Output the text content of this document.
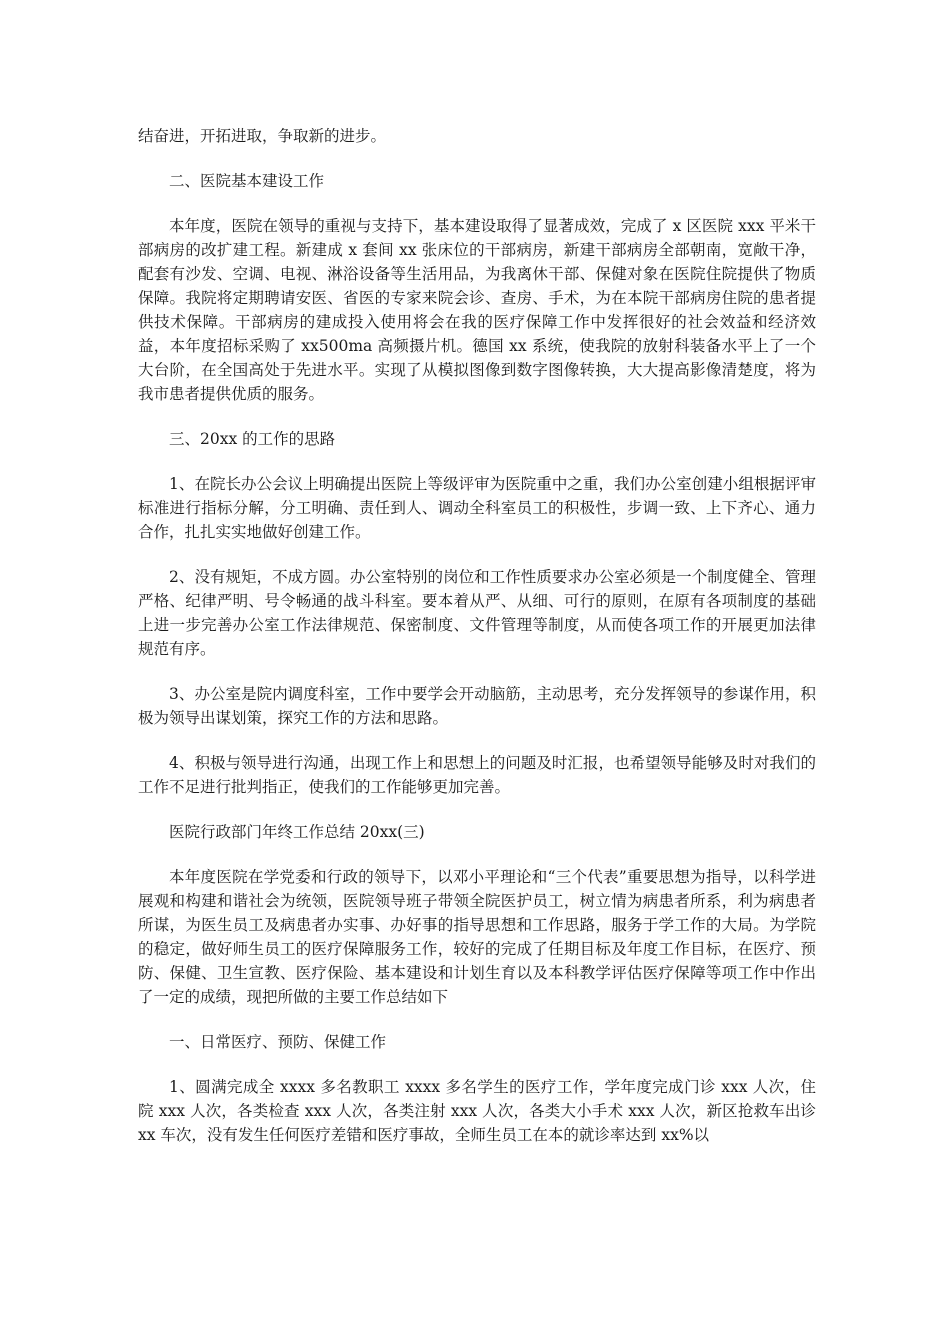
结奋进，开拓进取，争取新的进步。

二、医院基本建设工作

本年度，医院在领导的重视与支持下，基本建设取得了显著成效，完成了 x 区医院 xxx 平米干部病房的改扩建工程。新建成 x 套间 xx 张床位的干部病房，新建干部病房全部朝南，宽敞干净，配套有沙发、空调、电视、淋浴设备等生活用品，为我离休干部、保健对象在医院住院提供了物质保障。我院将定期聘请安医、省医的专家来院会诊、查房、手术，为在本院干部病房住院的患者提供技术保障。干部病房的建成投入使用将会在我的医疗保障工作中发挥很好的社会效益和经济效益，本年度招标采购了 xx500ma 高频摄片机。德国 xx 系统，使我院的放射科装备水平上了一个大台阶，在全国高处于先进水平。实现了从模拟图像到数字图像转换，大大提高影像清楚度，将为我市患者提供优质的服务。

三、20xx 的工作的思路

1、在院长办公会议上明确提出医院上等级评审为医院重中之重，我们办公室创建小组根据评审标准进行指标分解，分工明确、责任到人、调动全科室员工的积极性，步调一致、上下齐心、通力合作，扎扎实实地做好创建工作。

2、没有规矩，不成方圆。办公室特别的岗位和工作性质要求办公室必须是一个制度健全、管理严格、纪律严明、号令畅通的战斗科室。要本着从严、从细、可行的原则，在原有各项制度的基础上进一步完善办公室工作法律规范、保密制度、文件管理等制度，从而使各项工作的开展更加法律规范有序。

3、办公室是院内调度科室，工作中要学会开动脑筋，主动思考，充分发挥领导的参谋作用，积极为领导出谋划策，探究工作的方法和思路。

4、积极与领导进行沟通，出现工作上和思想上的问题及时汇报，也希望领导能够及时对我们的工作不足进行批判指正，使我们的工作能够更加完善。

医院行政部门年终工作总结 20xx(三)

本年度医院在学党委和行政的领导下，以邓小平理论和“三个代表”重要思想为指导，以科学进展观和构建和谐社会为统领，医院领导班子带领全院医护员工，树立情为病患者所系，利为病患者所谋，为医生员工及病患者办实事、办好事的指导思想和工作思路，服务于学工作的大局。为学院的稳定，做好师生员工的医疗保障服务工作，较好的完成了任期目标及年度工作目标，在医疗、预防、保健、卫生宣教、医疗保险、基本建设和计划生育以及本科教学评估医疗保障等项工作中作出了一定的成绩，现把所做的主要工作总结如下

一、日常医疗、预防、保健工作

1、圆满完成全 xxxx 多名教职工 xxxx 多名学生的医疗工作，学年度完成门诊 xxx 人次，住院 xxx 人次，各类检查 xxx 人次，各类注射 xxx 人次，各类大小手术 xxx 人次，新区抢救车出诊 xx 车次，没有发生任何医疗差错和医疗事故，全师生员工在本的就诊率达到 xx%以
